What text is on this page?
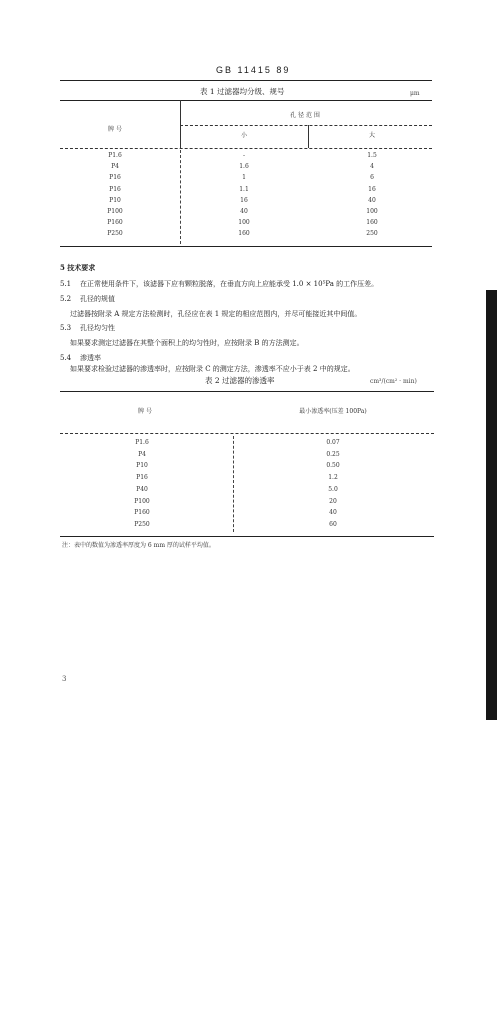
GB 11415 89
表 1 过滤器均分级、规号	μm
孔 径 范 围
牌 号
小	大
P1.6	-	1.5
P4	1.6	4
P16	1	6
P16	1.1	16
P10	16	40
P100	40	100
P160	100	160
P250	160	250
5 技术要求
5.1 在正常使用条件下，该滤器下应有颗粒脱落，在垂直方向上应能承受 1.0 × 10⁵Pa 的工作压差。
5.2 孔径的规值
过滤器按附录 A 规定方法检测时，孔径应在表 1 规定的相应范围内，并尽可能接近其中间值。
5.3 孔径均匀性
如果要求测定过滤器在其整个面积上的均匀性时，应按附录 B 的方法测定。
5.4 渗透率
如果要求检验过滤器的渗透率时，应按附录 C 的测定方法，渗透率不应小于表 2 中的规定。
表 2 过滤器的渗透率	cm³/(cm² · min)
牌 号	最小渗透率(压差 100Pa)
P1.6	0.07
P4	0.25
P10	0.50
P16	1.2
P40	5.0
P100	20
P160	40
P250	60
注：表中的数值为渗透率厚度为 6 mm 厚的试样平均值。
3
